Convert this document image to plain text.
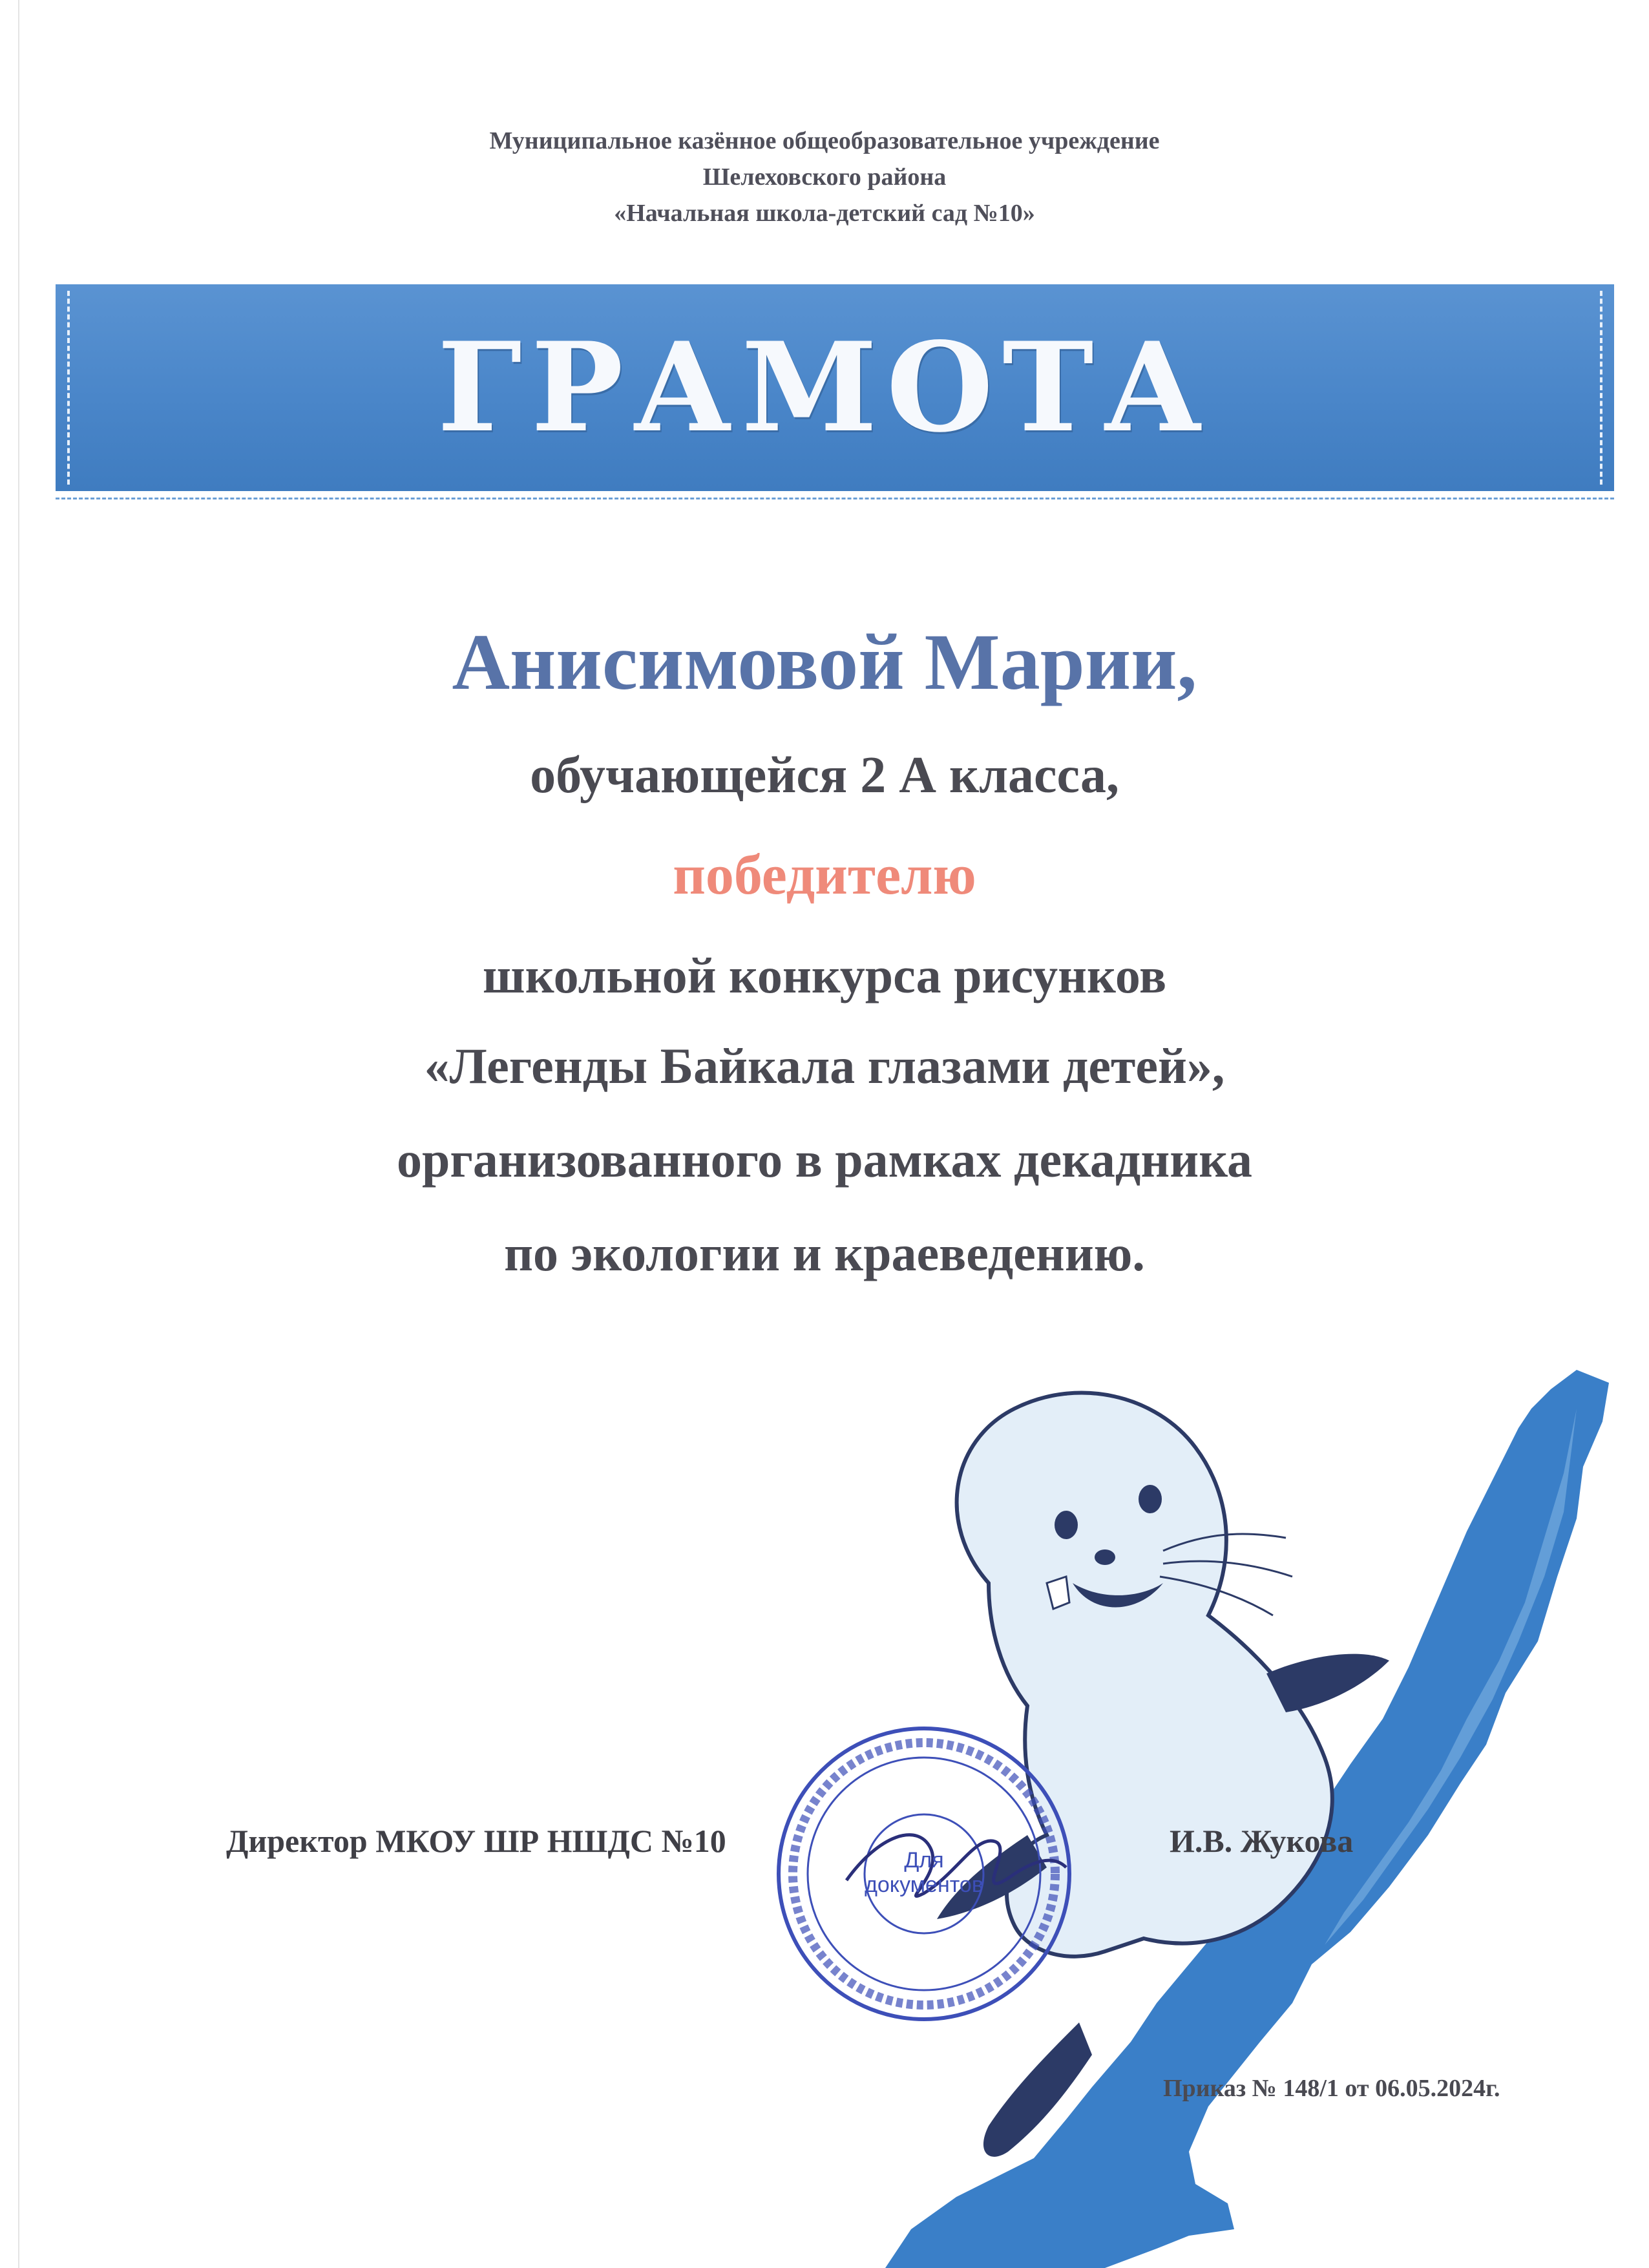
Муниципальное казённое общеобразовательное учреждение
Шелеховского района
«Начальная школа-детский сад №10»
ГРАМОТА
Анисимовой Марии,
обучающейся 2 А класса,
победителю
школьной конкурса рисунков
«Легенды Байкала глазами детей»,
организованного в рамках декадника
по экологии и краеведению.
Для
документов
Директор МКОУ ШР НШДС №10	И.В. Жукова
Приказ № 148/1 от 06.05.2024г.
